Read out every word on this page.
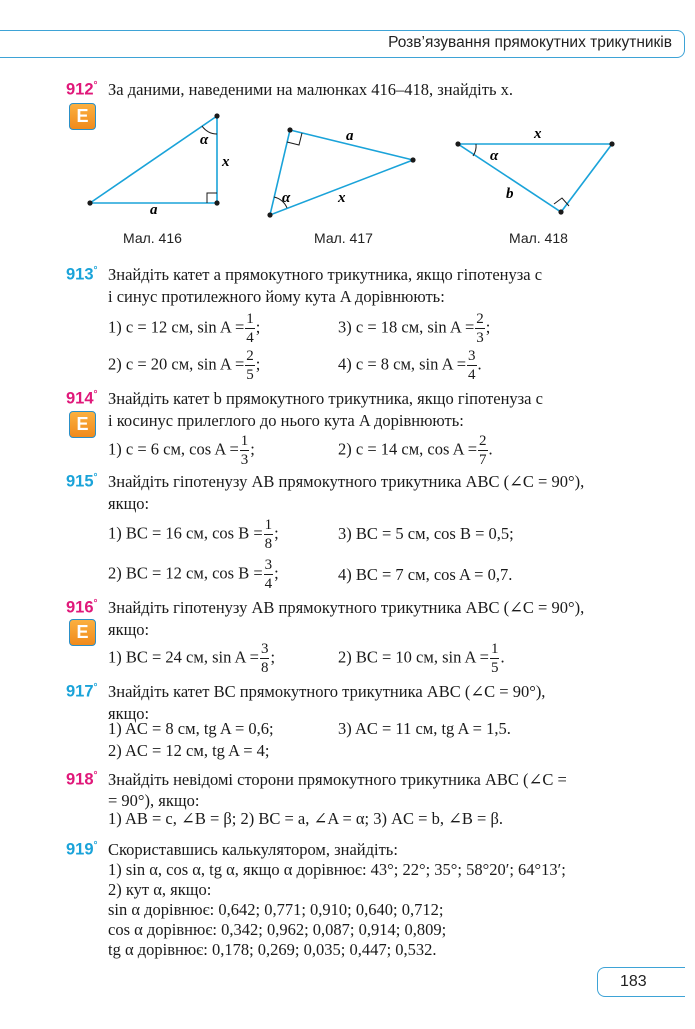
Розв’язування прямокутних трикутників
912° За даними, наведеними на малюнках 416–418, знайдіть x.
E
α
x
a
Мал. 416
a
α	x
Мал. 417
x
α
b
Мал. 418
913° Знайдіть катет a прямокутного трикутника, якщо гіпотенуза c
і синус протилежного йому кута A дорівнюють:
1) c = 12 см, $\sin A = \frac{1}{4}$ ;	3) c = 18 см, $\sin A = \frac{2}{3}$ ;
2) c = 20 см, $\sin A = \frac{2}{5}$ ;	4) c = 8 см, $\sin A = \frac{3}{4}$ .
914°
E
Знайдіть катет b прямокутного трикутника, якщо гіпотенуза c
і косинус прилеглого до нього кута A дорівнюють:
1) c = 6 см, $\cos A = \frac{1}{3}$ ;	2) c = 14 см, $\cos A = \frac{2}{7}$ .
915° Знайдіть гіпотенузу AB прямокутного трикутника ABC (∠C = 90°),
якщо:
1) BC = 16 см, $\cos B = \frac{1}{8}$ ;	3) BC = 5 см, cos B = 0,5;
2) BC = 12 см, $\cos B = \frac{3}{4}$ ;	4) BC = 7 см, cos A = 0,7.
916°
E
Знайдіть гіпотенузу AB прямокутного трикутника ABC (∠C = 90°),
якщо:
1) BC = 24 см, $\sin A = \frac{3}{8}$ ;	2) BC = 10 см, $\sin A = \frac{1}{5}$ .
917° Знайдіть катет BC прямокутного трикутника ABC (∠C = 90°),
якщо:
1) AC = 8 см, tg A = 0,6;	3) AC = 11 см, tg A = 1,5.
2) AC = 12 см, tg A = 4;
918° Знайдіть невідомі сторони прямокутного трикутника ABC (∠C =
= 90°), якщо:
1) AB = c, ∠B = β; 2) BC = a, ∠A = α; 3) AC = b, ∠B = β.
919° Скориставшись калькулятором, знайдіть:
1) sin α, cos α, tg α, якщо α дорівнює: 43°; 22°; 35°; 58°20′; 64°13′;
2) кут α, якщо:
sin α дорівнює: 0,642; 0,771; 0,910; 0,640; 0,712;
cos α дорівнює: 0,342; 0,962; 0,087; 0,914; 0,809;
tg α дорівнює: 0,178; 0,269; 0,035; 0,447; 0,532.
183
